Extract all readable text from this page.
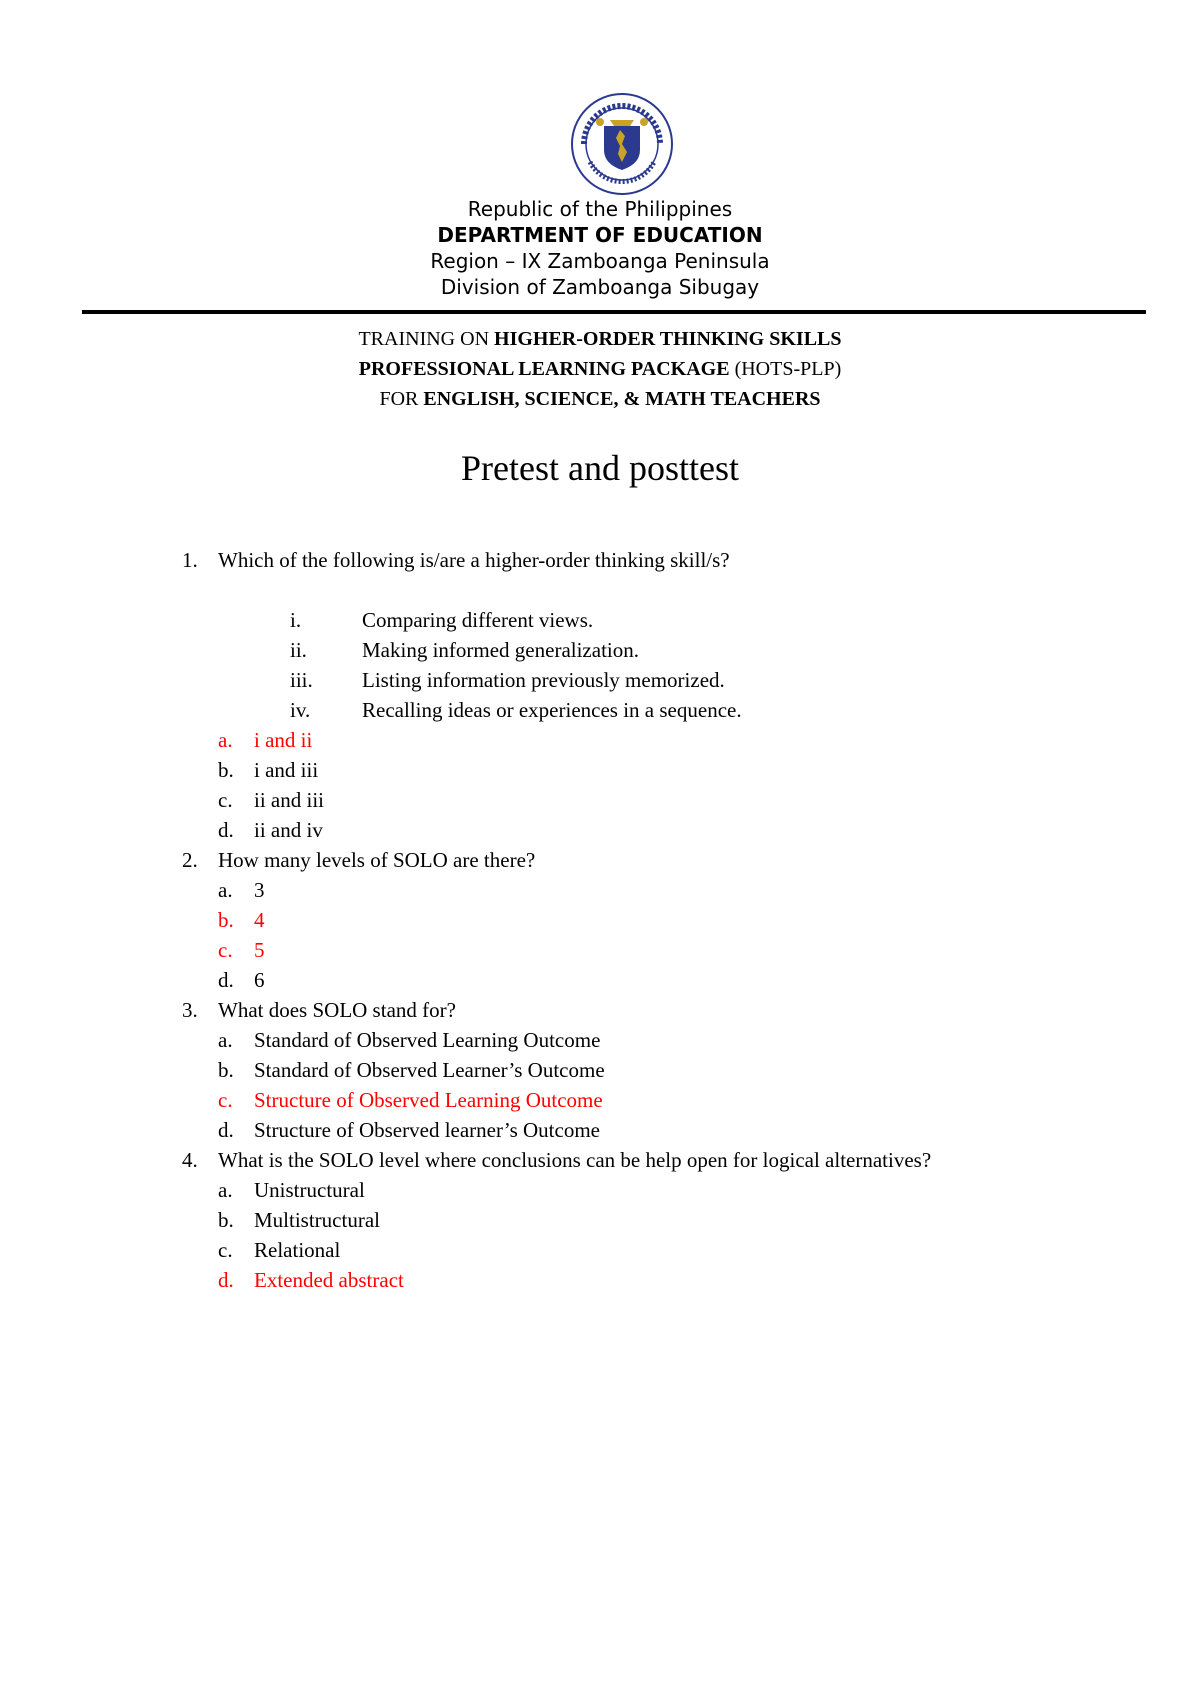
Republic of the Philippines
DEPARTMENT OF EDUCATION
Region – IX Zamboanga Peninsula
Division of Zamboanga Sibugay
TRAINING ON HIGHER-ORDER THINKING SKILLS
PROFESSIONAL LEARNING PACKAGE (HOTS-PLP)
FOR ENGLISH, SCIENCE, & MATH TEACHERS
Pretest and posttest
1. Which of the following is/are a higher-order thinking skill/s?
i.	Comparing different views.
ii.	Making informed generalization.
iii. Listing information previously memorized.
iv. Recalling ideas or experiences in a sequence.
a. i and ii
b. i and iii
c. ii and iii
d. ii and iv
2. How many levels of SOLO are there?
a. 3
b. 4
c. 5
d. 6
3. What does SOLO stand for?
a. Standard of Observed Learning Outcome
b. Standard of Observed Learner’s Outcome
c. Structure of Observed Learning Outcome
d. Structure of Observed learner’s Outcome
4. What is the SOLO level where conclusions can be help open for logical alternatives?
a. Unistructural
b. Multistructural
c. Relational
d. Extended abstract
